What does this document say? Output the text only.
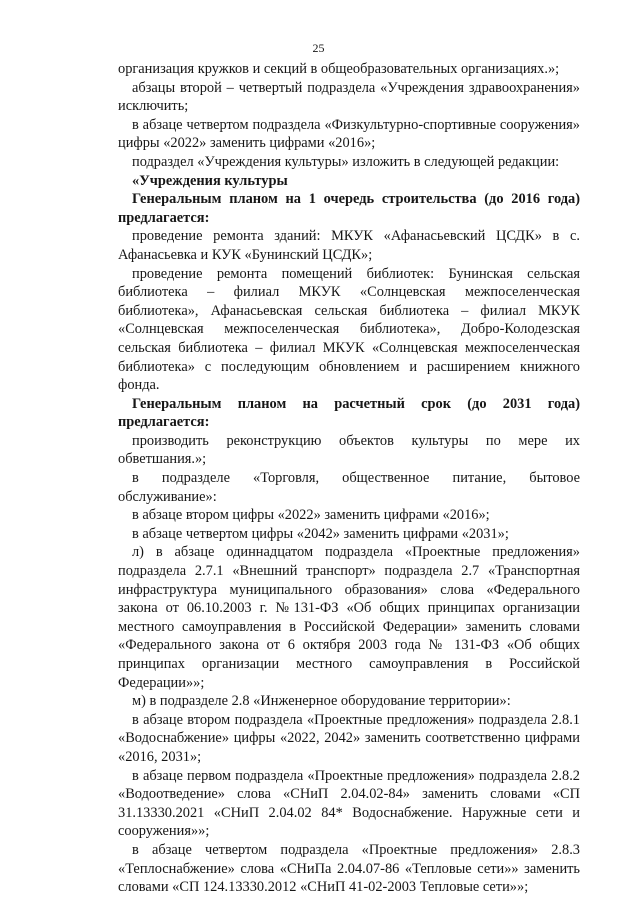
25

организация кружков и секций в общеобразовательных организациях.»;

абзацы второй – четвертый подраздела «Учреждения здравоохранения» исключить;

в абзаце четвертом подраздела «Физкультурно-спортивные сооружения» цифры «2022» заменить цифрами «2016»;

подраздел «Учреждения культуры» изложить в следующей редакции:

«Учреждения культуры

Генеральным планом на 1 очередь строительства (до 2016 года) предлагается:

проведение ремонта зданий: МКУК «Афанасьевский ЦСДК» в с. Афанасьевка и КУК «Бунинский ЦСДК»;

проведение ремонта помещений библиотек: Бунинская сельская библиотека – филиал МКУК «Солнцевская межпоселенческая библиотека», Афанасьевская сельская библиотека – филиал МКУК «Солнцевская межпоселенческая библиотека», Добро-Колодезская сельская библиотека – филиал МКУК «Солнцевская межпоселенческая библиотека» с последующим обновлением и расширением книжного фонда.

Генеральным планом на расчетный срок (до 2031 года) предлагается:

производить реконструкцию объектов культуры по мере их обветшания.»;

в подразделе «Торговля, общественное питание, бытовое обслуживание»:

в абзаце втором цифры «2022» заменить цифрами «2016»;

в абзаце четвертом цифры «2042» заменить цифрами «2031»;

л) в абзаце одиннадцатом подраздела «Проектные предложения» подраздела 2.7.1 «Внешний транспорт» подраздела 2.7 «Транспортная инфраструктура муниципального образования» слова «Федерального закона от 06.10.2003 г. №131-ФЗ «Об общих принципах организации местного самоуправления в Российской Федерации» заменить словами «Федерального закона от 6 октября 2003 года № 131-ФЗ «Об общих принципах организации местного самоуправления в Российской Федерации»»;

м) в подразделе 2.8 «Инженерное оборудование территории»:

в абзаце втором подраздела «Проектные предложения» подраздела 2.8.1 «Водоснабжение» цифры «2022, 2042» заменить соответственно цифрами «2016, 2031»;

в абзаце первом подраздела «Проектные предложения» подраздела 2.8.2 «Водоотведение» слова «СНиП 2.04.02-84» заменить словами «СП 31.13330.2021 «СНиП 2.04.02 84* Водоснабжение. Наружные сети и сооружения»»;

в абзаце четвертом подраздела «Проектные предложения» 2.8.3 «Теплоснабжение» слова «СНиПа 2.04.07-86 «Тепловые сети»» заменить словами «СП 124.13330.2012 «СНиП 41-02-2003 Тепловые сети»»;
